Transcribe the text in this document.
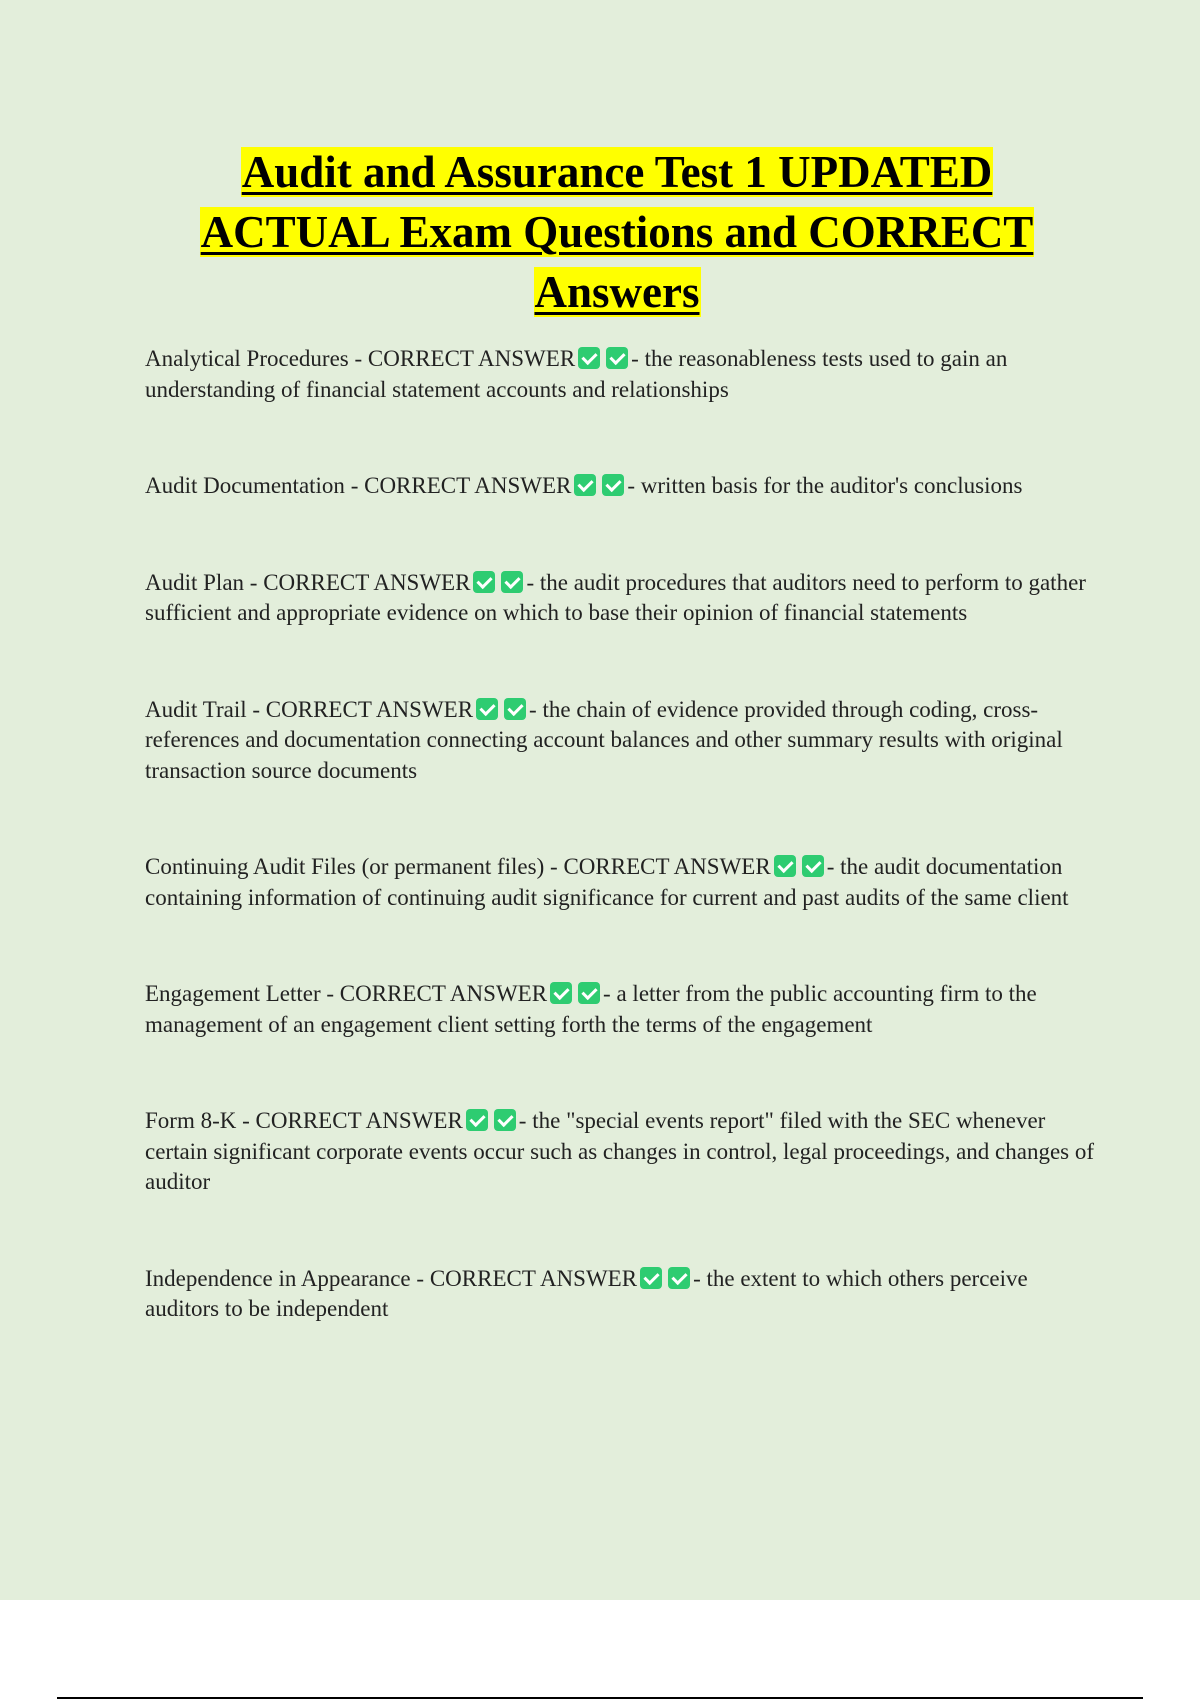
Audit and Assurance Test 1 UPDATED
ACTUAL Exam Questions and CORRECT
Answers

Analytical Procedures - CORRECT ANSWER - the reasonableness tests used to gain an understanding of financial statement accounts and relationships

Audit Documentation - CORRECT ANSWER - written basis for the auditor's conclusions

Audit Plan - CORRECT ANSWER - the audit procedures that auditors need to perform to gather sufficient and appropriate evidence on which to base their opinion of financial statements

Audit Trail - CORRECT ANSWER - the chain of evidence provided through coding, cross-references and documentation connecting account balances and other summary results with original transaction source documents

Continuing Audit Files (or permanent files) - CORRECT ANSWER - the audit documentation containing information of continuing audit significance for current and past audits of the same client

Engagement Letter - CORRECT ANSWER - a letter from the public accounting firm to the management of an engagement client setting forth the terms of the engagement

Form 8-K - CORRECT ANSWER - the "special events report" filed with the SEC whenever certain significant corporate events occur such as changes in control, legal proceedings, and changes of auditor

Independence in Appearance - CORRECT ANSWER - the extent to which others perceive auditors to be independent
